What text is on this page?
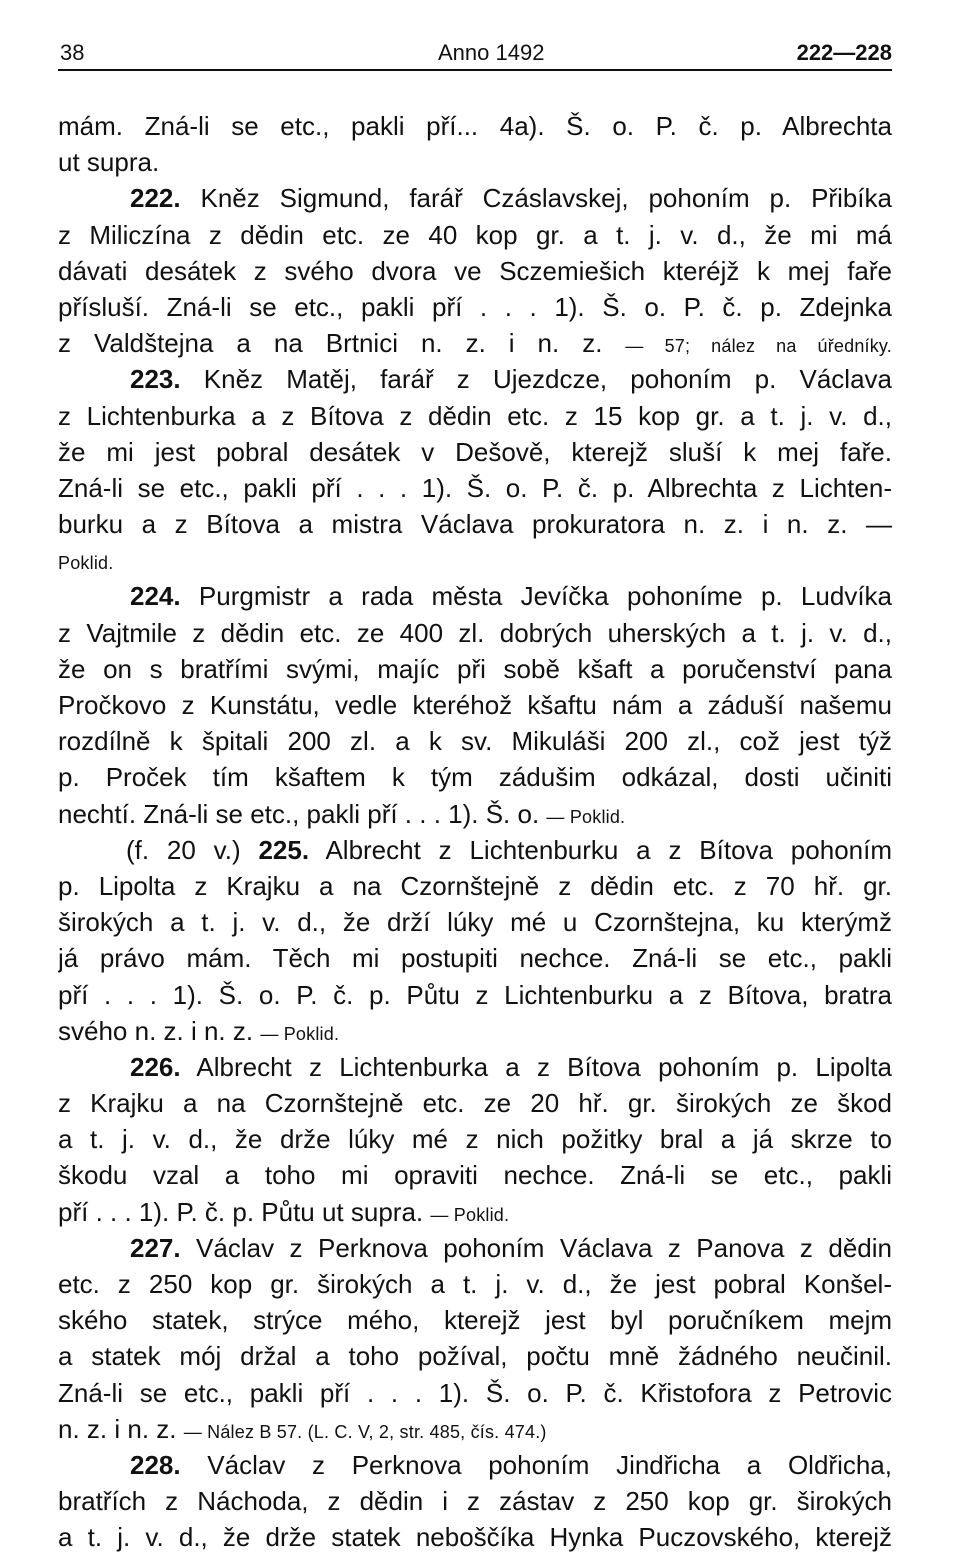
38	Anno 1492	222—228
mám. Zná-li se etc., pakli pří... 4a). Š. o. P. č. p. Albrechta
ut supra.
222. Kněz Sigmund, farář Czáslavskej, pohoním p. Přibíka
z Miliczína z dědin etc. ze 40 kop gr. a t. j. v. d., že mi má
dávati desátek z svého dvora ve Sczemiešich kteréjž k mej faře
přísluší. Zná-li se etc., pakli pří . . . 1). Š. o. P. č. p. Zdejnka
z Valdštejna a na Brtnici n. z. i n. z. — 57; nález na úředníky.
223. Kněz Matěj, farář z Ujezdcze, pohoním p. Václava
z Lichtenburka a z Bítova z dědin etc. z 15 kop gr. a t. j. v. d.,
že mi jest pobral desátek v Dešově, kterejž sluší k mej faře.
Zná-li se etc., pakli pří . . . 1). Š. o. P. č. p. Albrechta z Lichten-
burku a z Bítova a mistra Václava prokuratora n. z. i n. z. —
Poklid.
224. Purgmistr a rada města Jevíčka pohoníme p. Ludvíka
z Vajtmile z dědin etc. ze 400 zl. dobrých uherských a t. j. v. d.,
že on s bratřími svými, majíc při sobě kšaft a poručenství pana
Pročkovo z Kunstátu, vedle kteréhož kšaftu nám a záduší našemu
rozdílně k špitali 200 zl. a k sv. Mikuláši 200 zl., což jest týž
p. Proček tím kšaftem k tým zádušim odkázal, dosti učiniti
nechtí. Zná-li se etc., pakli pří . . . 1). Š. o. — Poklid.
(f. 20 v.) 225. Albrecht z Lichtenburku a z Bítova pohoním
p. Lipolta z Krajku a na Czornštejně z dědin etc. z 70 hř. gr.
širokých a t. j. v. d., že drží lúky mé u Czornštejna, ku kterýmž
já právo mám. Těch mi postupiti nechce. Zná-li se etc., pakli
pří . . . 1). Š. o. P. č. p. Půtu z Lichtenburku a z Bítova, bratra
svého n. z. i n. z. — Poklid.
226. Albrecht z Lichtenburka a z Bítova pohoním p. Lipolta
z Krajku a na Czornštejně etc. ze 20 hř. gr. širokých ze škod
a t. j. v. d., že drže lúky mé z nich požitky bral a já skrze to
škodu vzal a toho mi opraviti nechce. Zná-li se etc., pakli
pří . . . 1). P. č. p. Půtu ut supra. — Poklid.
227. Václav z Perknova pohoním Václava z Panova z dědin
etc. z 250 kop gr. širokých a t. j. v. d., že jest pobral Konšel-
ského statek, strýce mého, kterejž jest byl poručníkem mejm
a statek mój držal a toho požíval, počtu mně žádného neučinil.
Zná-li se etc., pakli pří . . . 1). Š. o. P. č. Křistofora z Petrovic
n. z. i n. z. — Nález B 57. (L. C. V, 2, str. 485, čís. 474.)
228. Václav z Perknova pohoním Jindřicha a Oldřicha,
bratřích z Náchoda, z dědin i z zástav z 250 kop gr. širokých
a t. j. v. d., že drže statek neboščíka Hynka Puczovského, kterejž
